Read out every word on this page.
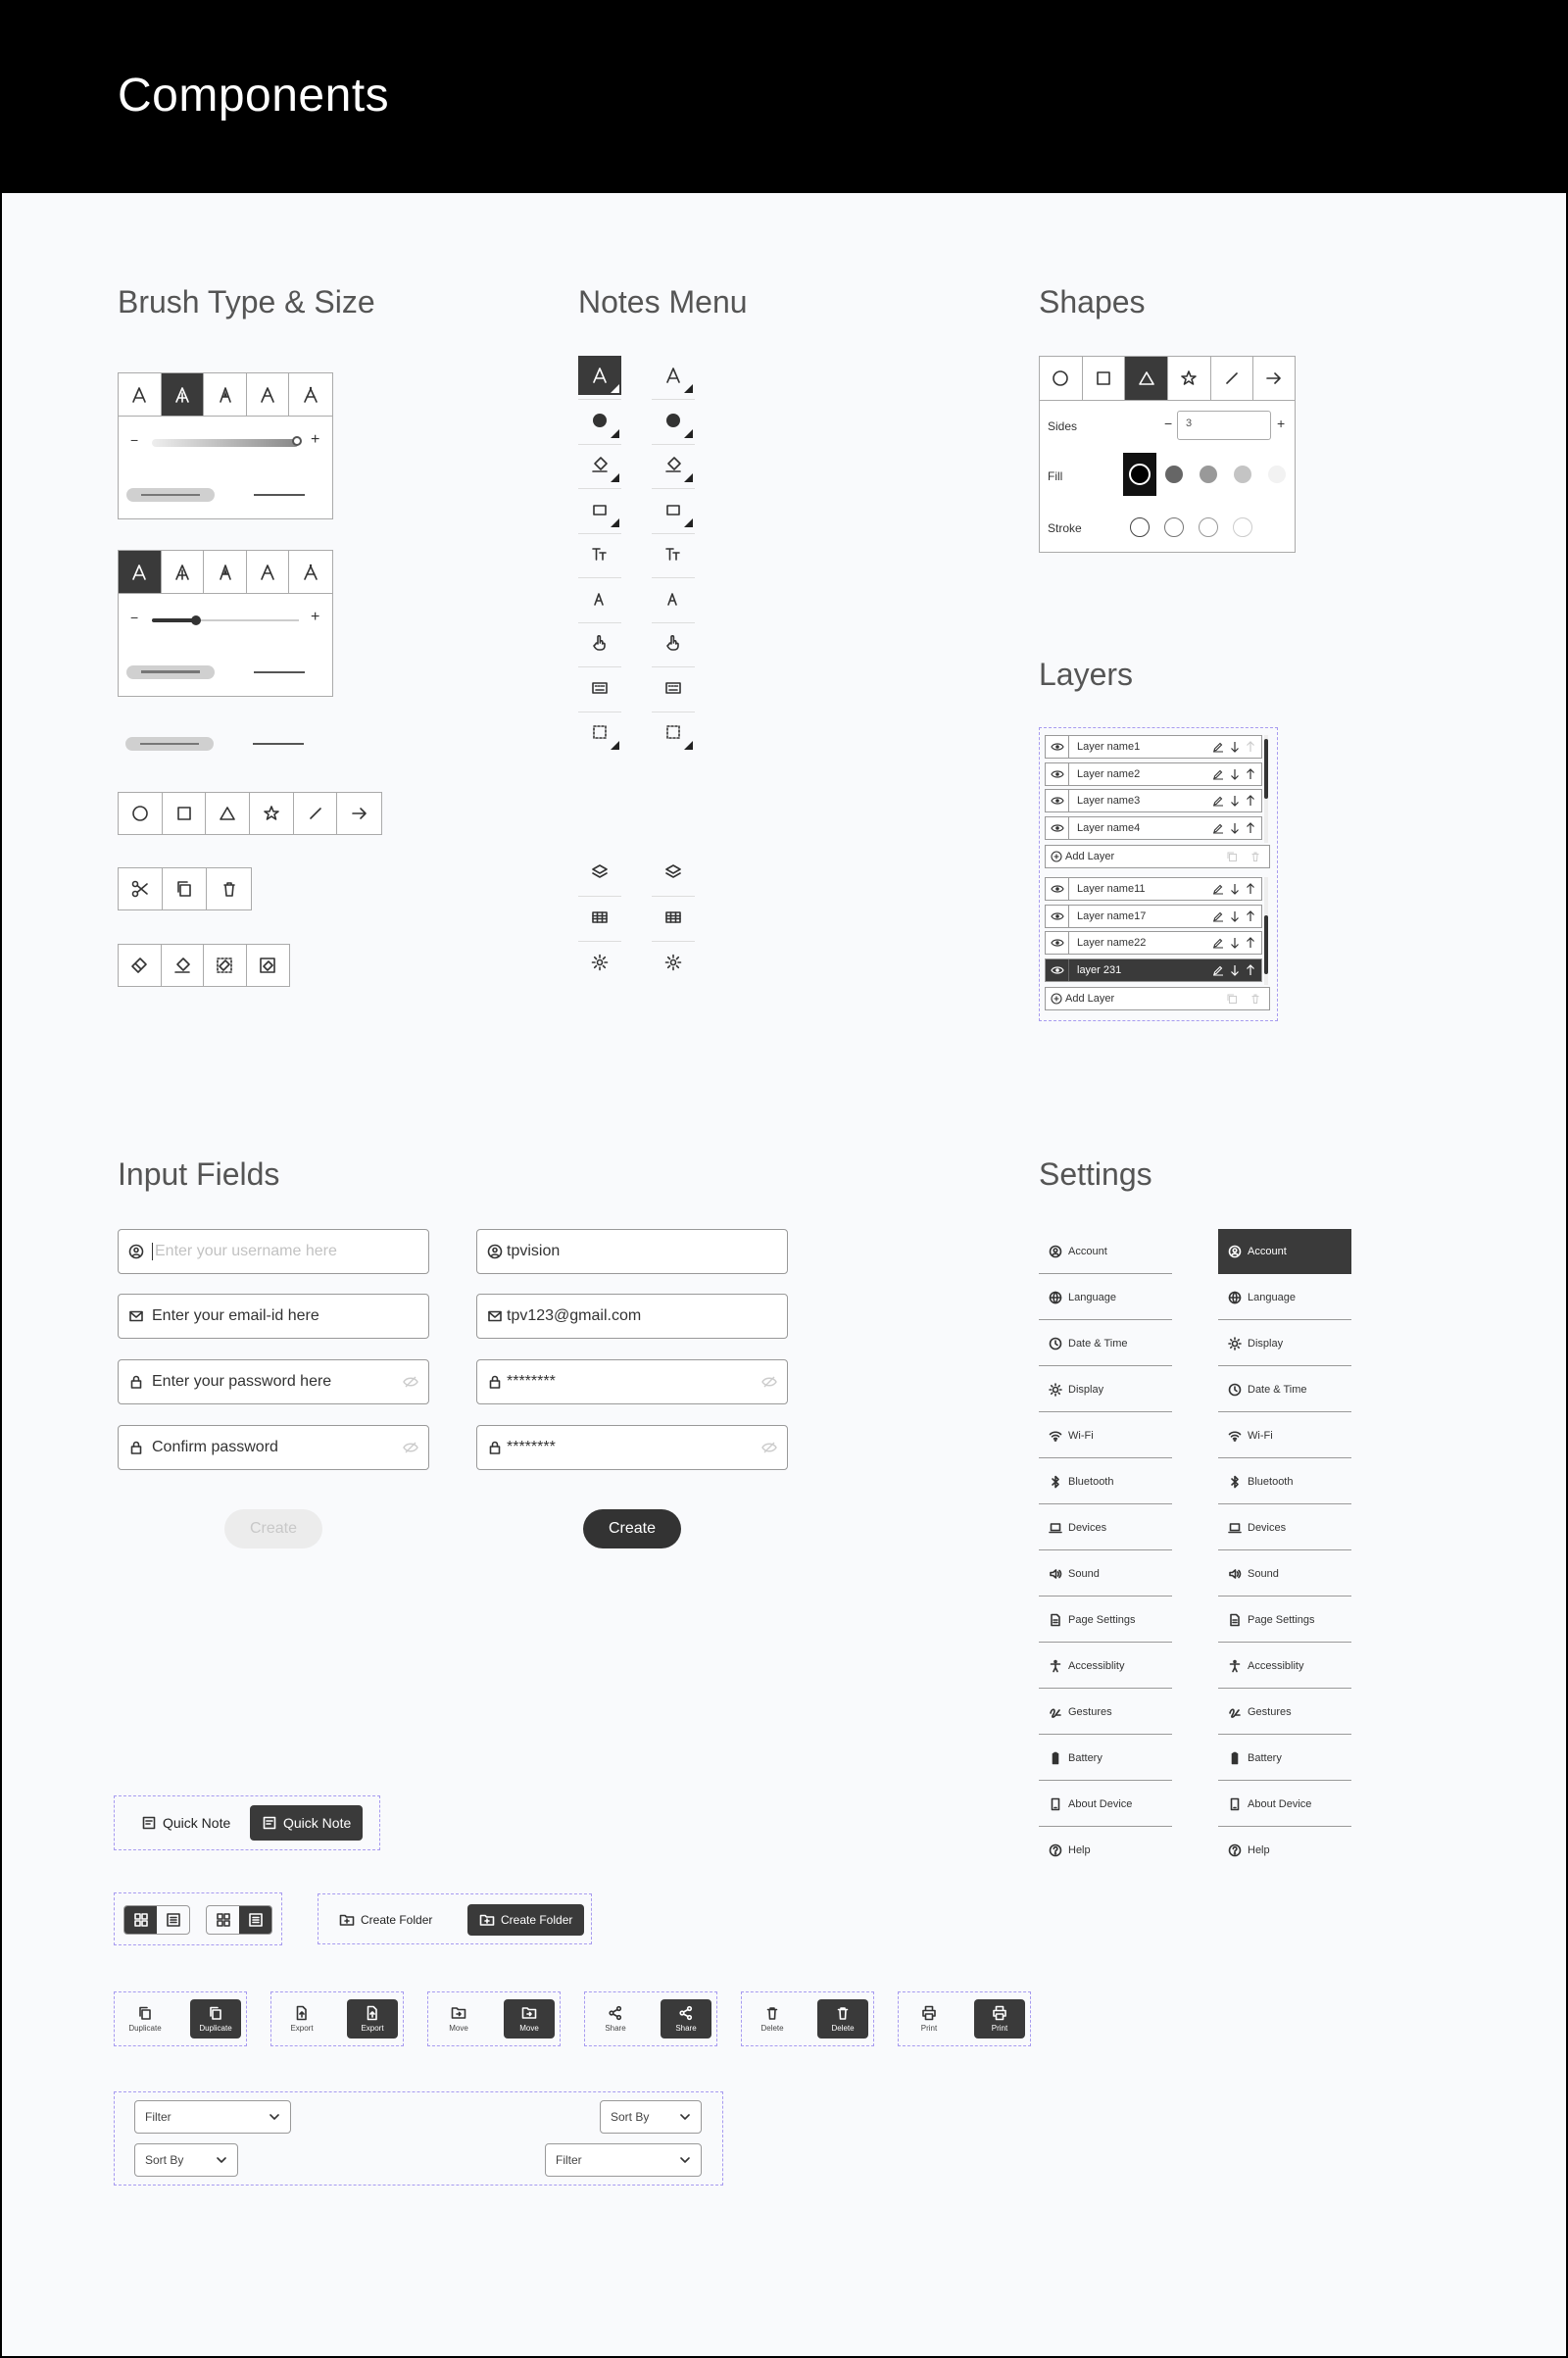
Components
Brush Type & Size	Notes Menu	Shapes
Layers
Input Fields	Settings
−	+
−	+
Sides	−	3	+
Fill
Stroke
Layer name1
Layer name2
Layer name3
Layer name4
Add Layer
Layer name11
Layer name17
Layer name22
layer 231
Add Layer
Enter your username here
Enter your email-id here
Enter your password here
Confirm password
Create
tpvision
tpv123@gmail.com
********
********
Create
Account
Language
Date & Time
Display
Wi-Fi
Bluetooth
Devices
Sound
Page Settings
Accessiblity
Gestures
Battery
About Device
Help
Account
Language
Display
Date & Time
Wi-Fi
Bluetooth
Devices
Sound
Page Settings
Accessiblity
Gestures
Battery
About Device
Help
Quick Note	Quick Note
Create Folder	Create Folder
Duplicate	Duplicate	Export	Export	Move	Move	Share	Share	Delete	Delete	Print	Print
Filter	Sort By
Sort By	Filter
